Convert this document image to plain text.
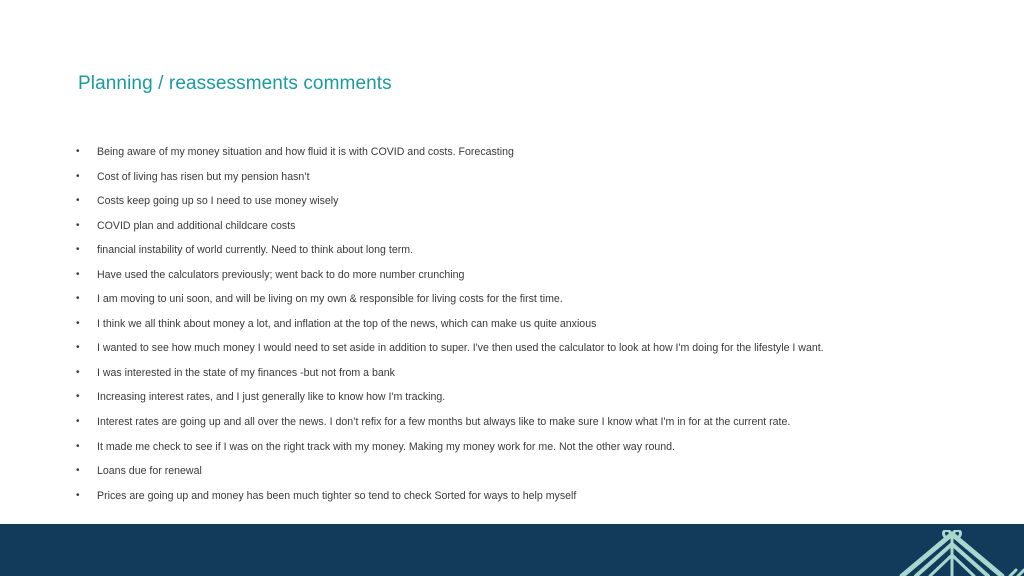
Planning / reassessments comments
• Being aware of my money situation and how fluid it is with COVID and costs. Forecasting
• Cost of living has risen but my pension hasn’t
• Costs keep going up so I need to use money wisely
• COVID plan and additional childcare costs
• financial instability of world currently. Need to think about long term.
• Have used the calculators previously; went back to do more number crunching
• I am moving to uni soon, and will be living on my own & responsible for living costs for the first time.
• I think we all think about money a lot, and inflation at the top of the news, which can make us quite anxious
• I wanted to see how much money I would need to set aside in addition to super. I've then used the calculator to look at how I'm doing for the lifestyle I want.
• I was interested in the state of my finances -but not from a bank
• Increasing interest rates, and I just generally like to know how I'm tracking.
• Interest rates are going up and all over the news. I don’t refix for a few months but always like to make sure I know what I'm in for at the current rate.
• It made me check to see if I was on the right track with my money. Making my money work for me. Not the other way round.
• Loans due for renewal
• Prices are going up and money has been much tighter so tend to check Sorted for ways to help myself
